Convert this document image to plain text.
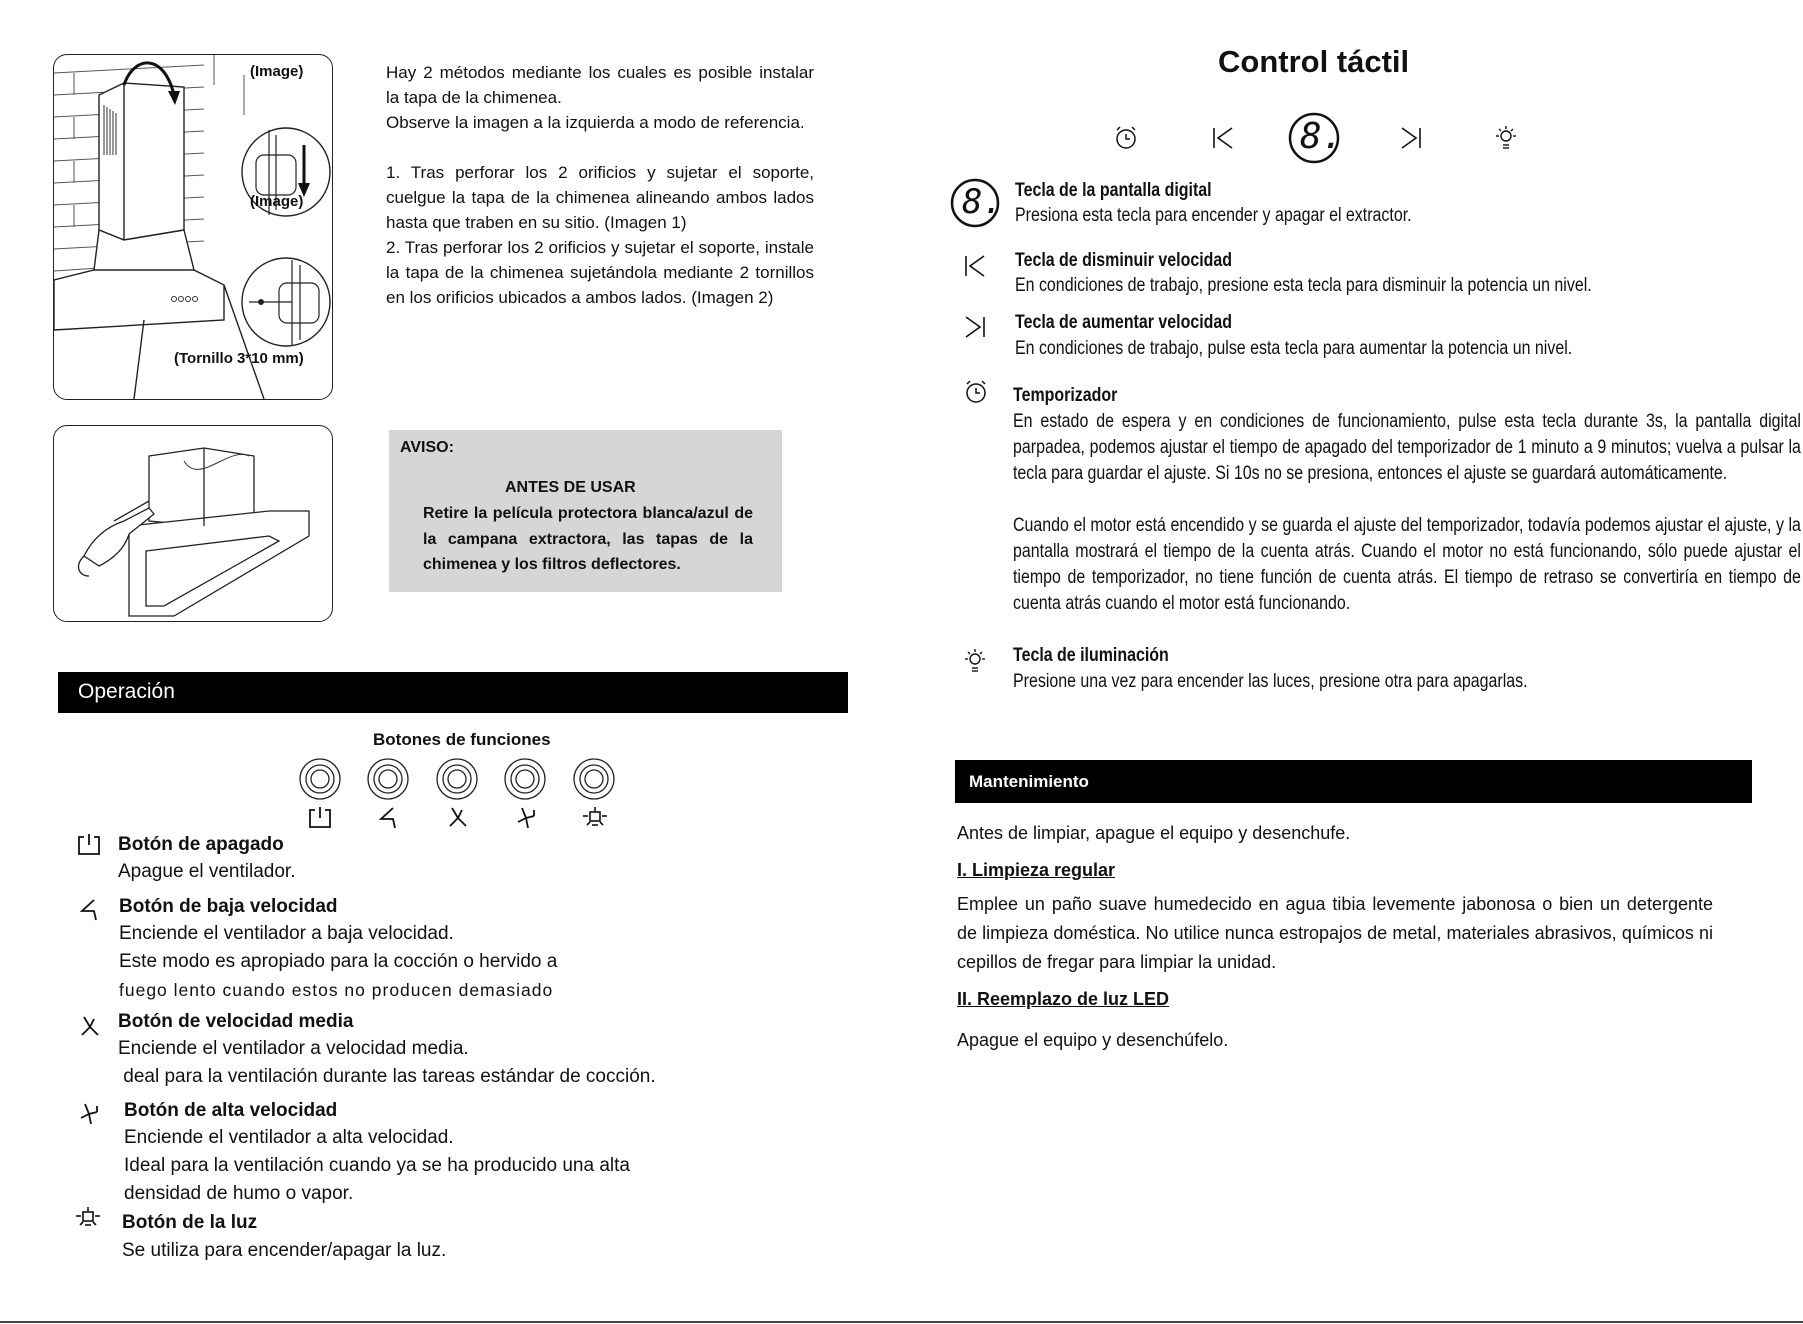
(Image)
(Image)
(Tornillo 3*10 mm)

Hay 2 métodos mediante los cuales es posible instalar la tapa de la chimenea.

Observe la imagen a la izquierda a modo de referencia.

1. Tras perforar los 2 orificios y sujetar el soporte, cuelgue la tapa de la chimenea alineando ambos lados hasta que traben en su sitio. (Imagen 1)

2. Tras perforar los 2 orificios y sujetar el soporte, instale la tapa de la chimenea sujetándola mediante 2 tornillos en los orificios ubicados a ambos lados. (Imagen 2)

AVISO:
ANTES DE USAR
Retire la película protectora blanca/azul de la campana extractora, las tapas de la chimenea y los filtros deflectores.
Operación
Botones de funciones
Botón de apagado
Apague el ventilador.
Botón de baja velocidad
Enciende el ventilador a baja velocidad.
Este modo es apropiado para la cocción o hervido a
fuego lento cuando estos no producen demasiado
Botón de velocidad media
Enciende el ventilador a velocidad media.
deal para la ventilación durante las tareas estándar de cocción.
Botón de alta velocidad
Enciende el ventilador a alta velocidad.
Ideal para la ventilación cuando ya se ha producido una alta
densidad de humo o vapor.
Botón de la luz
Se utiliza para encender/apagar la luz.
Control táctil
8.
8. Tecla de la pantalla digital
Presiona esta tecla para encender y apagar el extractor.
Tecla de disminuir velocidad
En condiciones de trabajo, presione esta tecla para disminuir la potencia un nivel.
Tecla de aumentar velocidad
En condiciones de trabajo, pulse esta tecla para aumentar la potencia un nivel.
Temporizador
En estado de espera y en condiciones de funcionamiento, pulse esta tecla durante 3s, la pantalla digital parpadea, podemos ajustar el tiempo de apagado del temporizador de 1 minuto a 9 minutos; vuelva a pulsar la tecla para guardar el ajuste. Si 10s no se presiona, entonces el ajuste se guardará automáticamente.
Cuando el motor está encendido y se guarda el ajuste del temporizador, todavía podemos ajustar el ajuste, y la pantalla mostrará el tiempo de la cuenta atrás. Cuando el motor no está funcionando, sólo puede ajustar el tiempo de temporizador, no tiene función de cuenta atrás. El tiempo de retraso se convertiría en tiempo de cuenta atrás cuando el motor está funcionando.
Tecla de iluminación
Presione una vez para encender las luces, presione otra para apagarlas.
Mantenimiento
Antes de limpiar, apague el equipo y desenchufe.
I. Limpieza regular
Emplee un paño suave humedecido en agua tibia levemente jabonosa o bien un detergente de limpieza doméstica. No utilice nunca estropajos de metal, materiales abrasivos, químicos ni cepillos de fregar para limpiar la unidad.
II. Reemplazo de luz LED
Apague el equipo y desenchúfelo.
